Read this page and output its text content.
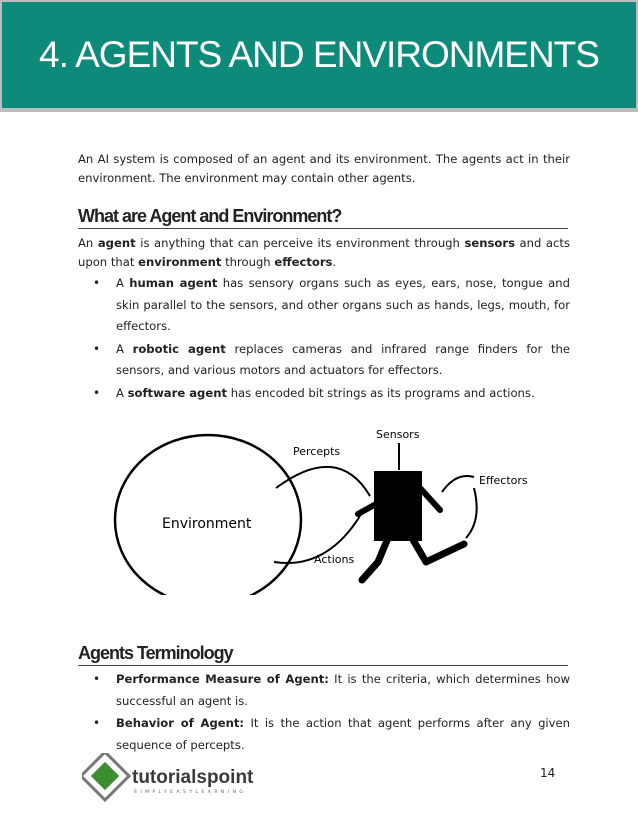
4. AGENTS AND ENVIRONMENTS
An AI system is composed of an agent and its environment. The agents act in their environment. The environment may contain other agents.
What are Agent and Environment?
An agent is anything that can perceive its environment through sensors and acts upon that environment through effectors.
• A human agent has sensory organs such as eyes, ears, nose, tongue and skin parallel to the sensors, and other organs such as hands, legs, mouth, for effectors.
• A robotic agent replaces cameras and infrared range finders for the sensors, and various motors and actuators for effectors.
• A software agent has encoded bit strings as its programs and actions.
Environment
Percepts
Actions
Sensors
Effectors
Agents Terminology
• Performance Measure of Agent: It is the criteria, which determines how successful an agent is.
• Behavior of Agent: It is the action that agent performs after any given sequence of percepts.
tutorialspoint
SIMPLYEASYLEARNING
14
